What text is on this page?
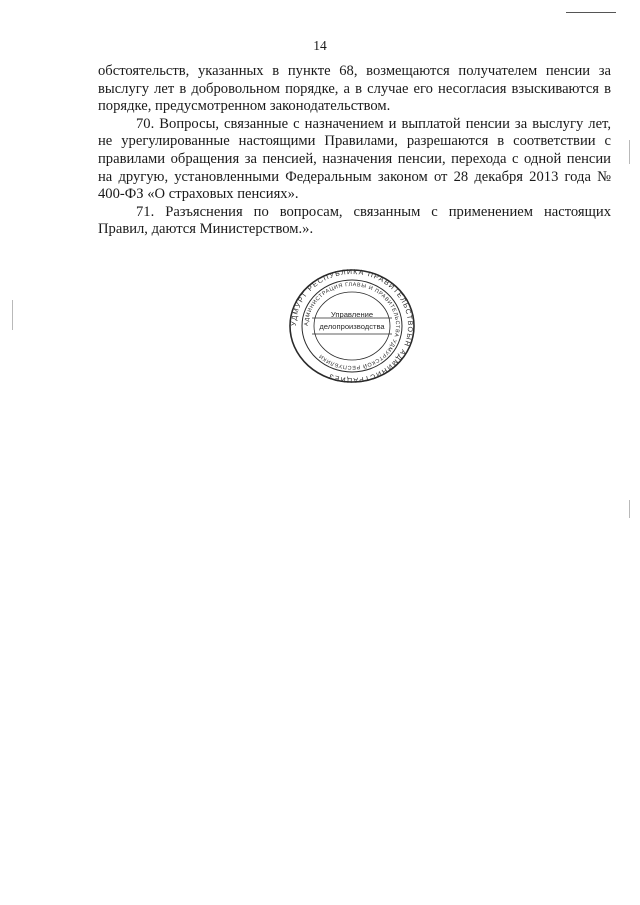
14

обстоятельств, указанных в пункте 68, возмещаются получателем пенсии за выслугу лет в добровольном порядке, а в случае его несогласия взыскиваются в порядке, предусмотренном законодательством.

70. Вопросы, связанные с назначением и выплатой пенсии за выслугу лет, не урегулированные настоящими Правилами, разрешаются в соответствии с правилами обращения за пенсией, назначения пенсии, перехода с одной пенсии на другую, установленными Федеральным законом от 28 декабря 2013 года № 400-ФЗ «О страховых пенсиях».

71. Разъяснения по вопросам, связанным с применением настоящих Правил, даются Министерством.».

УДМУРТ РЕСПУБЛИКА ПРАВИТЕЛЬСТВОЫН АДМИНИСТРАЦИЕЗ
АДМИНИСТРАЦИЯ ГЛАВЫ И ПРАВИТЕЛЬСТВА УДМУРТСКОЙ РЕСПУБЛИКИ
Управление
делопроизводства
